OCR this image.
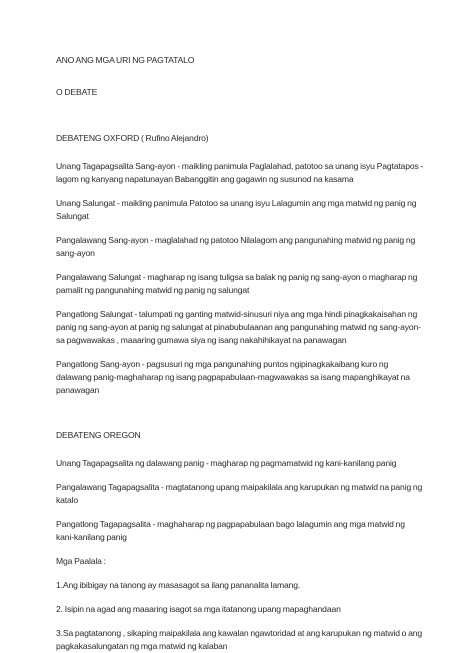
ANO ANG MGA URI NG PAGTATALO
O DEBATE
DEBATENG OXFORD ( Rufino Alejandro)
Unang Tagapagsalita Sang-ayon - maikling panimula Paglalahad, patotoo sa unang isyu Pagtatapos - lagom ng kanyang napatunayan Babanggitin ang gagawin ng susunod na kasama
Unang Salungat - maikling panimula Patotoo sa unang isyu Lalagumin ang mga matwid ng panig ng Salungat
Pangalawang Sang-ayon - maglalahad ng patotoo Nilalagom ang pangunahing matwid ng panig ng sang-ayon
Pangalawang Salungat - magharap ng isang tuligsa sa balak ng panig ng sang-ayon o magharap ng pamalit ng pangunahing matwid ng panig ng salungat
Pangatlong Salungat - talumpati ng ganting matwid-sinusuri niya ang mga hindi pinagkakaisahan ng panig ng sang-ayon at panig ng salungat at pinabubulaanan ang pangunahing matwid ng sang-ayon-sa pagwawakas , maaaring gumawa siya ng isang nakahihikayat na panawagan
Pangatlong Sang-ayon - pagsusuri ng mga pangunahing puntos ngipinagkakaibang kuro ng dalawang panig-maghaharap ng isang pagpapabulaan-magwawakas sa isang mapanghikayat na panawagan
DEBATENG OREGON
Unang Tagapagsalita ng dalawang panig - magharap ng pagmamatwid ng kani-kanilang panig
Pangalawang Tagapagsalita - magtatanong upang maipakilala ang karupukan ng matwid na panig ng katalo
Pangatlong Tagapagsalita - maghaharap ng pagpapabulaan bago lalagumin ang mga matwid ng kani-kanilang panig
Mga Paalala :
1.Ang ibibigay na tanong ay masasagot sa ilang pananalita lamang.
2. Isipin na agad ang maaaring isagot sa mga itatanong upang mapaghandaan
3.Sa pagtatanong , sikaping maipakilala ang kawalan ngawtoridad at ang karupukan ng matwid o ang pagkakasalungatan ng mga matwid ng kalaban
